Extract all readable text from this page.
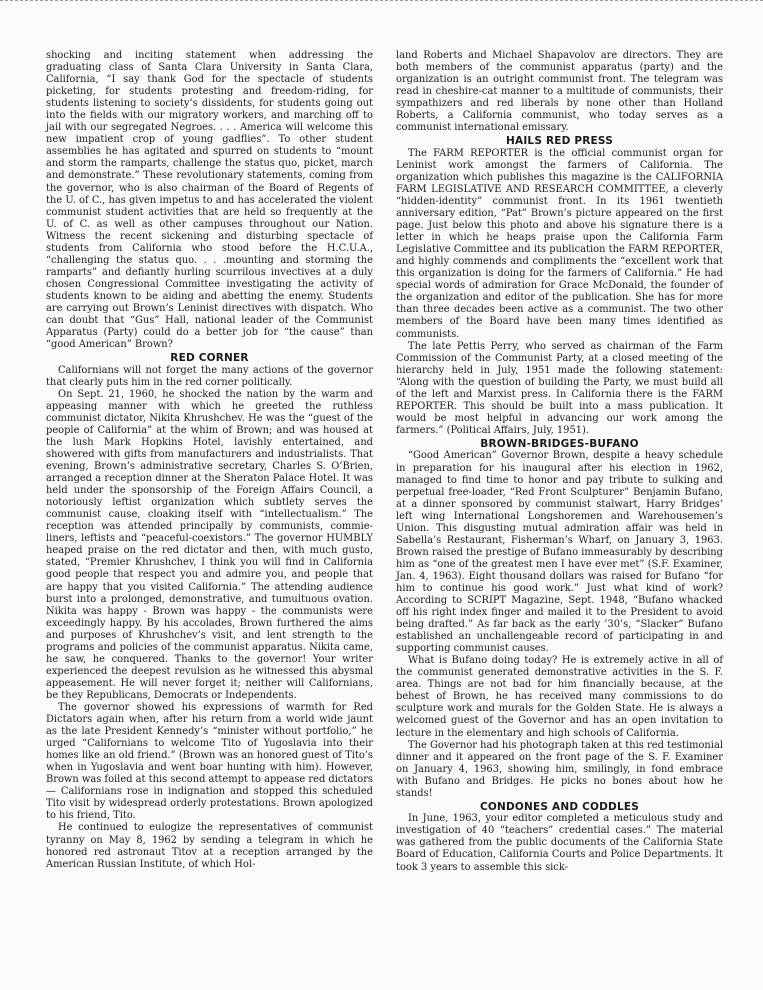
shocking and inciting statement when addressing the graduating class of Santa Clara University in Santa Clara, California, “I say thank God for the spectacle of students picketing, for students protesting and freedom-riding, for students listening to society’s dissidents, for students going out into the fields with our migratory workers, and marching off to jail with our segregated Negroes. . . . America will welcome this new impatient crop of young gadflies”. To other student assemblies he has agitated and spurred on students to “mount and storm the ramparts, challenge the status quo, picket, march and demonstrate.” These revolutionary statements, coming from the governor, who is also chairman of the Board of Regents of the U. of C., has given impetus to and has accelerated the violent communist student activities that are held so frequently at the U. of C. as well as other campuses throughout our Nation. Witness the recent sickening and disturbing spectacle of students from California who stood before the H.C.U.A., “challenging the status quo. . . .mounting and storming the ramparts” and defiantly hurling scurrilous invectives at a duly chosen Congressional Committee investigating the activity of students known to be aiding and abetting the enemy. Students are carrying out Brown’s Leninist directives with dispatch. Who can doubt that “Gus” Hall, national leader of the Communist Apparatus (Party) could do a better job for “the cause” than “good American” Brown?

RED CORNER

Californians will not forget the many actions of the governor that clearly puts him in the red corner politically.

On Sept. 21, 1960, he shocked the nation by the warm and appeasing manner with which he greeted the ruthless communist dictator, Nikita Khrushchev. He was the “guest of the people of California” at the whim of Brown; and was housed at the lush Mark Hopkins Hotel, lavishly entertained, and showered with gifts from manufacturers and industrialists. That evening, Brown’s administrative secretary, Charles S. O’Brien, arranged a reception dinner at the Sheraton Palace Hotel. It was held under the sponsorship of the Foreign Affairs Council, a notoriously leftist organization which subtlety serves the communist cause, cloaking itself with “intellectualism.” The reception was attended principally by communists, commie-liners, leftists and “peaceful-coexistors.” The governor HUMBLY heaped praise on the red dictator and then, with much gusto, stated, “Premier Khrushchev, I think you will find in California good people that respect you and admire you, and people that are happy that you visited California.” The attending audience burst into a prolonged, demonstrative, and tumultuous ovation. Nikita was happy - Brown was happy - the communists were exceedingly happy. By his accolades, Brown furthered the aims and purposes of Khrushchev’s visit, and lent strength to the programs and policies of the communist apparatus. Nikita came, he saw, he conquered. Thanks to the governor! Your writer experienced the deepest revulsion as he witnessed this abysmal appeasement. He will never forget it; neither will Californians, be they Republicans, Democrats or Independents.

The governor showed his expressions of warmth for Red Dictators again when, after his return from a world wide jaunt as the late President Kennedy’s “minister without portfolio,” he urged “Californians to welcome Tito of Yugoslavia into their homes like an old friend.” (Brown was an honored guest of Tito’s when in Yugoslavia and went boar hunting with him). However, Brown was foiled at this second attempt to appease red dictators — Californians rose in indignation and stopped this scheduled Tito visit by widespread orderly protestations. Brown apologized to his friend, Tito.

He continued to eulogize the representatives of communist tyranny on May 8, 1962 by sending a telegram in which he honored red astronaut Titov at a reception arranged by the American Russian Institute, of which Hol-

land Roberts and Michael Shapavolov are directors. They are both members of the communist apparatus (party) and the organization is an outright communist front. The telegram was read in cheshire-cat manner to a multitude of communists, their sympathizers and red liberals by none other than Holland Roberts, a California communist, who today serves as a communist international emissary.

HAILS RED PRESS

The FARM REPORTER is the official communist organ for Leninist work amongst the farmers of California. The organization which publishes this magazine is the CALIFORNIA FARM LEGISLATIVE AND RESEARCH COMMITTEE, a cleverly “hidden-identity” communist front. In its 1961 twentieth anniversary edition, “Pat” Brown’s picture appeared on the first page. Just below this photo and above his signature there is a letter in which he heaps praise upon the California Farm Legislative Committee and its publication the FARM REPORTER, and highly commends and compliments the “excellent work that this organization is doing for the farmers of California.” He had special words of admiration for Grace McDonald, the founder of the organization and editor of the publication. She has for more than three decades been active as a communist. The two other members of the Board have been many times identified as communists.

The late Pettis Perry, who served as chairman of the Farm Commission of the Communist Party, at a closed meeting of the hierarchy held in July, 1951 made the following statement: “Along with the question of building the Party, we must build all of the left and Marxist press. In California there is the FARM REPORTER. This should be built into a mass publication. It would be most helpful in advancing our work among the farmers.” (Political Affairs, July, 1951).

BROWN-BRIDGES-BUFANO

“Good American” Governor Brown, despite a heavy schedule in preparation for his inaugural after his election in 1962, managed to find time to honor and pay tribute to sulking and perpetual free-loader, “Red Front Sculpturer” Benjamin Bufano, at a dinner sponsored by communist stalwart, Harry Bridges’ left wing International Longshoremen and Warehousemen’s Union. This disgusting mutual admiration affair was held in Sabella’s Restaurant, Fisherman’s Wharf, on January 3, 1963. Brown raised the prestige of Bufano immeasurably by describing him as “one of the greatest men I have ever met” (S.F. Examiner, Jan. 4, 1963). Eight thousand dollars was raised for Bufano “for him to continue his good work.” Just what kind of work? According to SCRIPT Magazine, Sept. 1948, “Bufano whacked off his right index finger and mailed it to the President to avoid being drafted.” As far back as the early ’30’s, “Slacker” Bufano established an unchallengeable record of participating in and supporting communist causes.

What is Bufano doing today? He is extremely active in all of the communist generated demonstrative activities in the S. F. area. Things are not bad for him financially because, at the behest of Brown, he has received many commissions to do sculpture work and murals for the Golden State. He is always a welcomed guest of the Governor and has an open invitation to lecture in the elementary and high schools of California.

The Governor had his photograph taken at this red testimonial dinner and it appeared on the front page of the S. F. Examiner on January 4, 1963, showing him, smilingly, in fond embrace with Bufano and Bridges. He picks no bones about how he stands!

CONDONES AND CODDLES

In June, 1963, your editor completed a meticulous study and investigation of 40 “teachers” credential cases.” The material was gathered from the public documents of the California State Board of Education, California Courts and Police Departments. It took 3 years to assemble this sick-
